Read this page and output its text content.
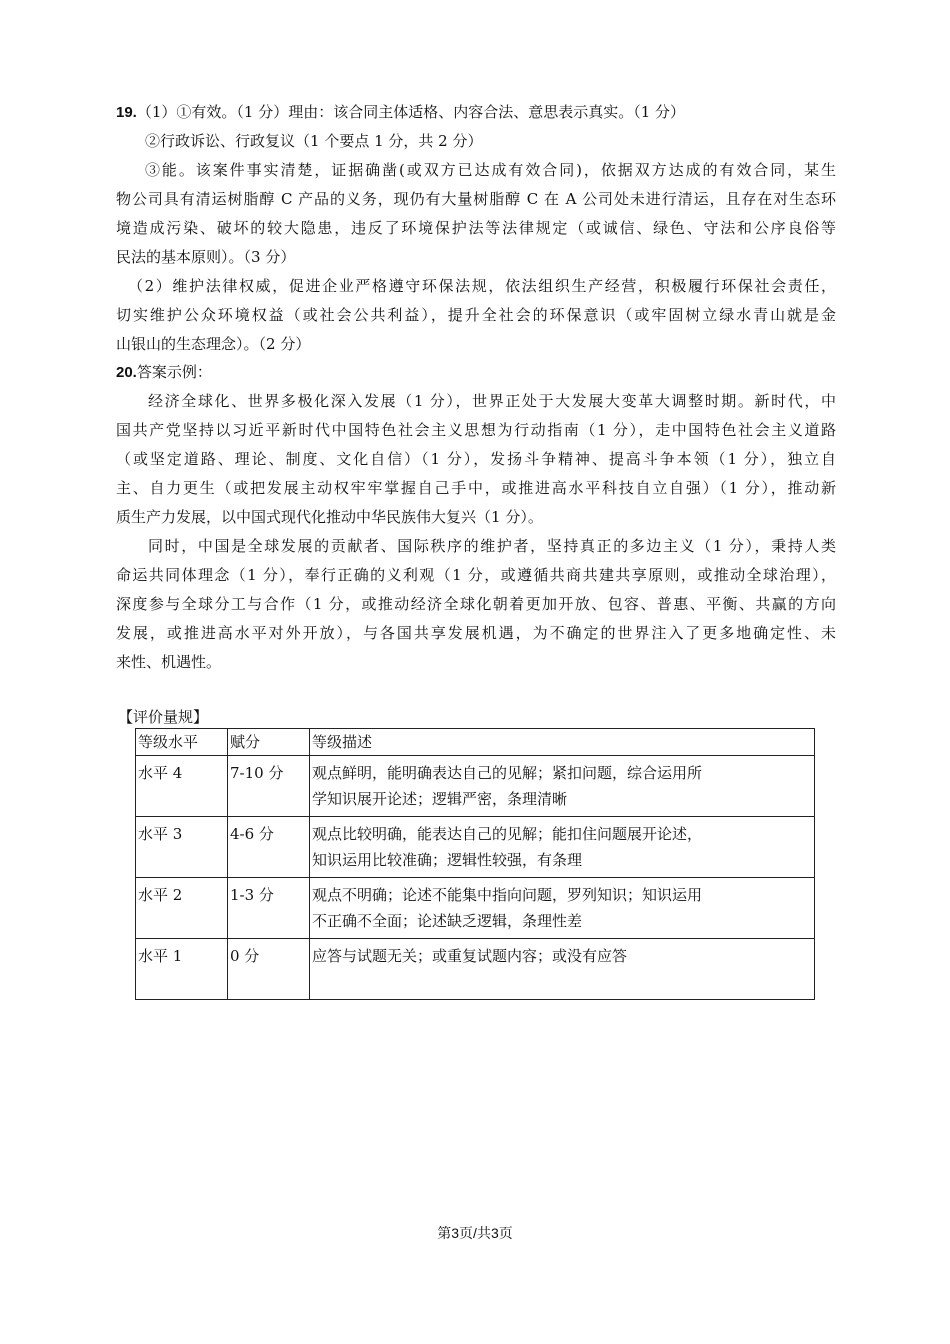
19.（1）①有效。（1 分）理由：该合同主体适格、内容合法、意思表示真实。（1 分）
②行政诉讼、行政复议（1 个要点 1 分，共 2 分）
③能。该案件事实清楚，证据确凿(或双方已达成有效合同)，依据双方达成的有效合同，某生
物公司具有清运树脂醇 C 产品的义务，现仍有大量树脂醇 C 在 A 公司处未进行清运，且存在对生态环
境造成污染、破坏的较大隐患，违反了环境保护法等法律规定（或诚信、绿色、守法和公序良俗等
民法的基本原则）。（3 分）
（2）维护法律权威，促进企业严格遵守环保法规，依法组织生产经营，积极履行环保社会责任，
切实维护公众环境权益（或社会公共利益），提升全社会的环保意识（或牢固树立绿水青山就是金
山银山的生态理念）。（2 分）
20.答案示例：
经济全球化、世界多极化深入发展（1 分），世界正处于大发展大变革大调整时期。新时代，中
国共产党坚持以习近平新时代中国特色社会主义思想为行动指南（1 分），走中国特色社会主义道路
（或坚定道路、理论、制度、文化自信）（1 分），发扬斗争精神、提高斗争本领（1 分），独立自
主、自力更生（或把发展主动权牢牢掌握自己手中，或推进高水平科技自立自强）（1 分），推动新
质生产力发展，以中国式现代化推动中华民族伟大复兴（1 分）。
同时，中国是全球发展的贡献者、国际秩序的维护者，坚持真正的多边主义（1 分），秉持人类
命运共同体理念（1 分），奉行正确的义利观（1 分，或遵循共商共建共享原则，或推动全球治理），
深度参与全球分工与合作（1 分，或推动经济全球化朝着更加开放、包容、普惠、平衡、共赢的方向
发展，或推进高水平对外开放），与各国共享发展机遇，为不确定的世界注入了更多地确定性、未
来性、机遇性。
【评价量规】
等级水平	赋分	等级描述
水平 4	7-10 分	观点鲜明，能明确表达自己的见解；紧扣问题，综合运用所
学知识展开论述；逻辑严密，条理清晰

水平 3	4-6 分	观点比较明确，能表达自己的见解；能扣住问题展开论述，
知识运用比较准确；逻辑性较强，有条理

水平 2	1-3 分	观点不明确；论述不能集中指向问题，罗列知识；知识运用
不正确不全面；论述缺乏逻辑，条理性差

水平 1	0 分	应答与试题无关；或重复试题内容；或没有应答
第3页/共3页
